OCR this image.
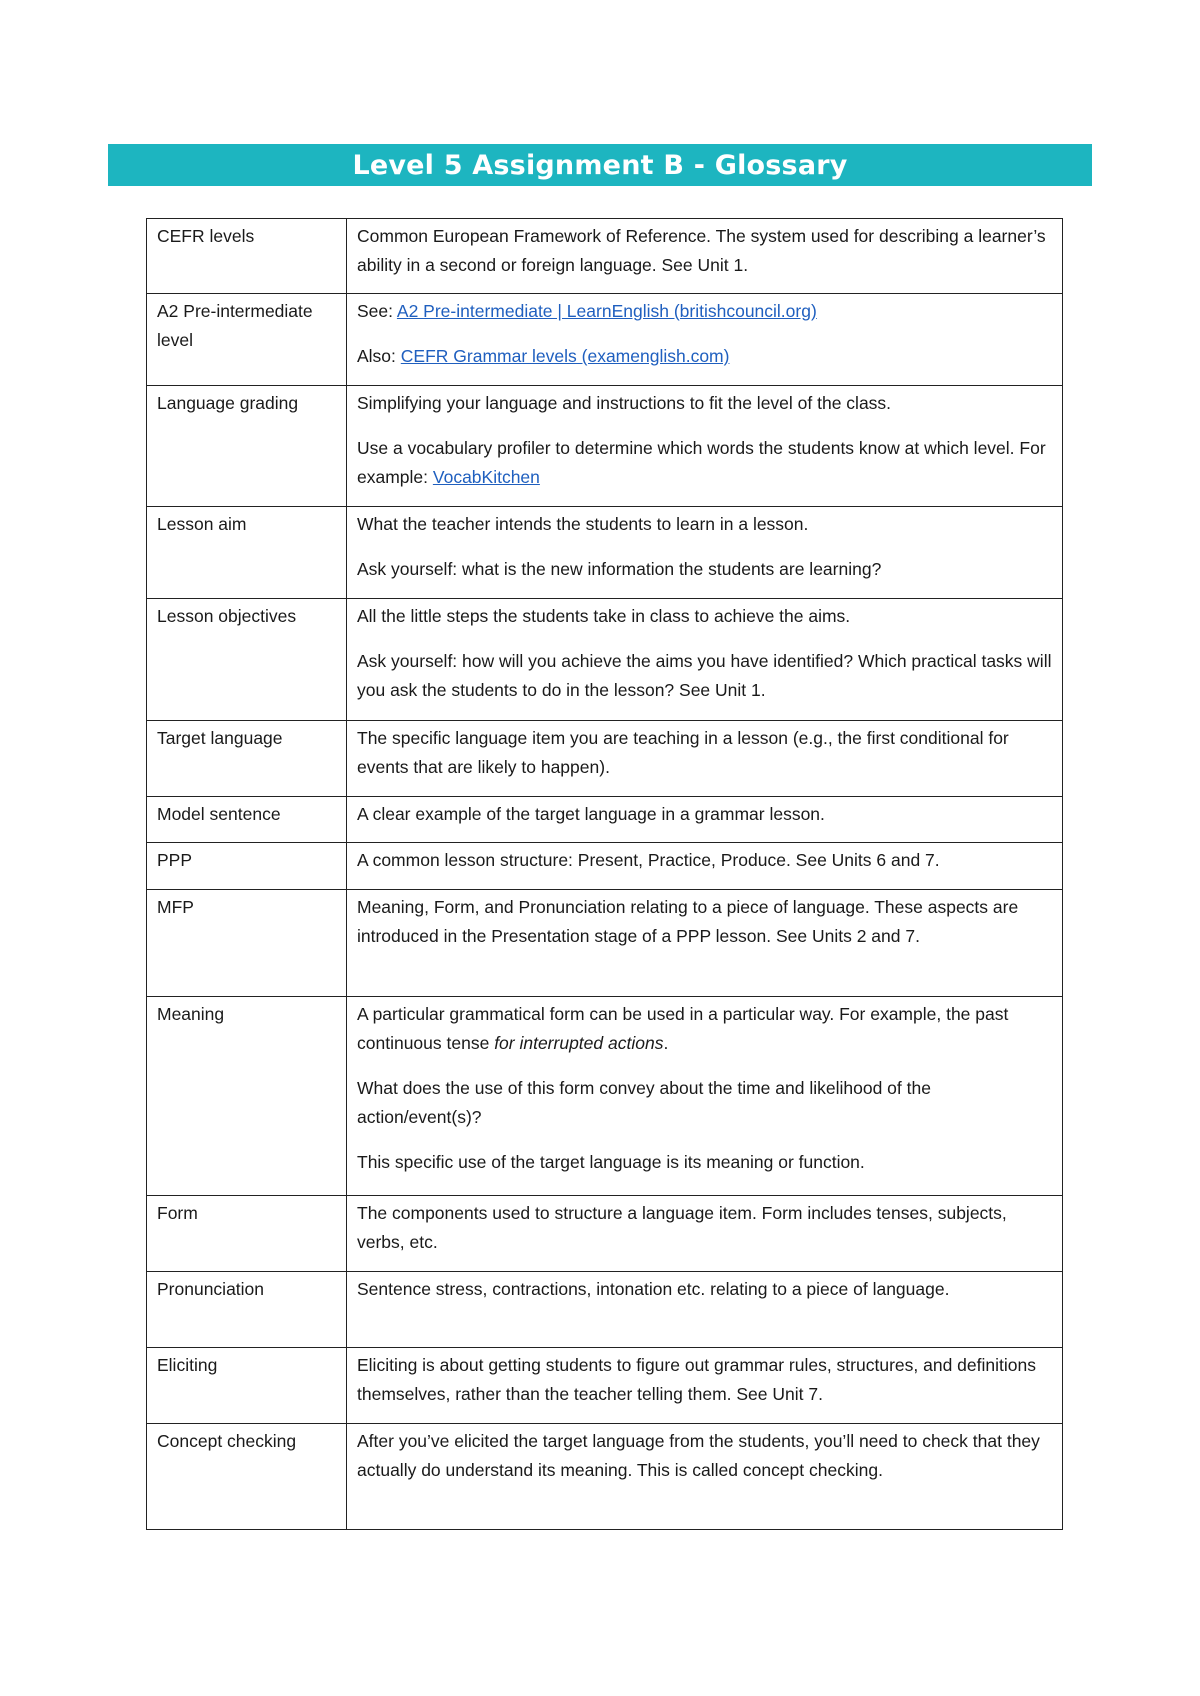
Level 5 Assignment B - Glossary
CEFR levels	Common European Framework of Reference. The system used for describing a learner’s ability in a second or foreign language. See Unit 1.

A2 Pre-intermediate level	See: A2 Pre-intermediate | LearnEnglish (britishcouncil.org)

Also: CEFR Grammar levels (examenglish.com)

Language grading	Simplifying your language and instructions to fit the level of the class.

Use a vocabulary profiler to determine which words the students know at which level. For example: VocabKitchen

Lesson aim	What the teacher intends the students to learn in a lesson.

Ask yourself: what is the new information the students are learning?

Lesson objectives	All the little steps the students take in class to achieve the aims.

Ask yourself: how will you achieve the aims you have identified? Which practical tasks will you ask the students to do in the lesson? See Unit 1.

Target language	The specific language item you are teaching in a lesson (e.g., the first conditional for events that are likely to happen).

Model sentence	A clear example of the target language in a grammar lesson.

PPP	A common lesson structure: Present, Practice, Produce. See Units 6 and 7.

MFP	Meaning, Form, and Pronunciation relating to a piece of language. These aspects are introduced in the Presentation stage of a PPP lesson. See Units 2 and 7.

Meaning	A particular grammatical form can be used in a particular way. For example, the past continuous tense for interrupted actions.

What does the use of this form convey about the time and likelihood of the action/event(s)?

This specific use of the target language is its meaning or function.

Form	The components used to structure a language item. Form includes tenses, subjects, verbs, etc.

Pronunciation	Sentence stress, contractions, intonation etc. relating to a piece of language.

Eliciting	Eliciting is about getting students to figure out grammar rules, structures, and definitions themselves, rather than the teacher telling them. See Unit 7.

Concept checking	After you’ve elicited the target language from the students, you’ll need to check that they actually do understand its meaning. This is called concept checking.
